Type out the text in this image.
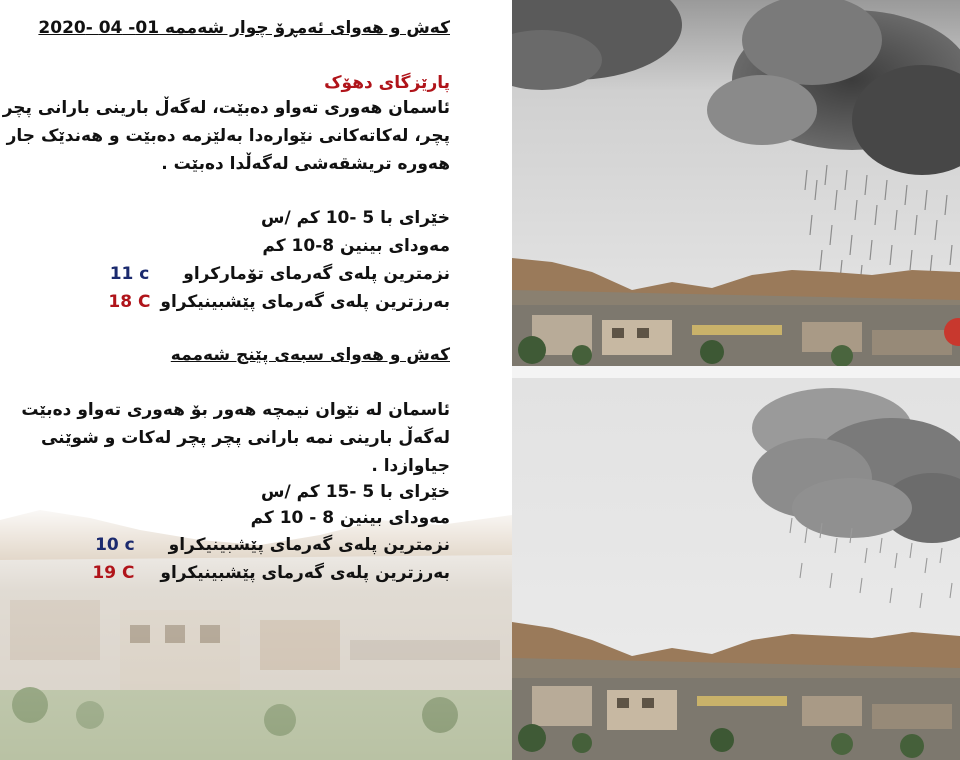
کەش و هەوای ئەمڕۆ چوار شەممە 01- 04 -2020
پارێزگای دهۆک
ئاسمان هەوری تەواو دەبێت، لەگەڵ بارینی بارانی پچر
پچر، لەکاتەکانی نێوارەدا بەلێزمە دەبێت و هەندێک جار
هەورە تریشقەشی لەگەڵدا دەبێت .
خێرای با 5 -10 کم /س
مەودای بینین 8-10 کم
نزمترین پلەی گەرمای تۆمارکراو 11 c
بەرزترین پلەی گەرمای پێشبینیکراو 18 C
کەش و هەوای سبەی پێنج شەممە
ئاسمان لە نێوان نیمچە هەور بۆ هەوری تەواو دەبێت
لەگەڵ بارینی نمە بارانی پچر پچر لەکات و شوێنی
جیاوازدا .
خێرای با 5 -15 کم /س
مەودای بینین 8 - 10 کم
نزمترین پلەی گەرمای پێشبینیکراو 10 c
بەرزترین پلەی گەرمای پێشبینیکراو 19 C
